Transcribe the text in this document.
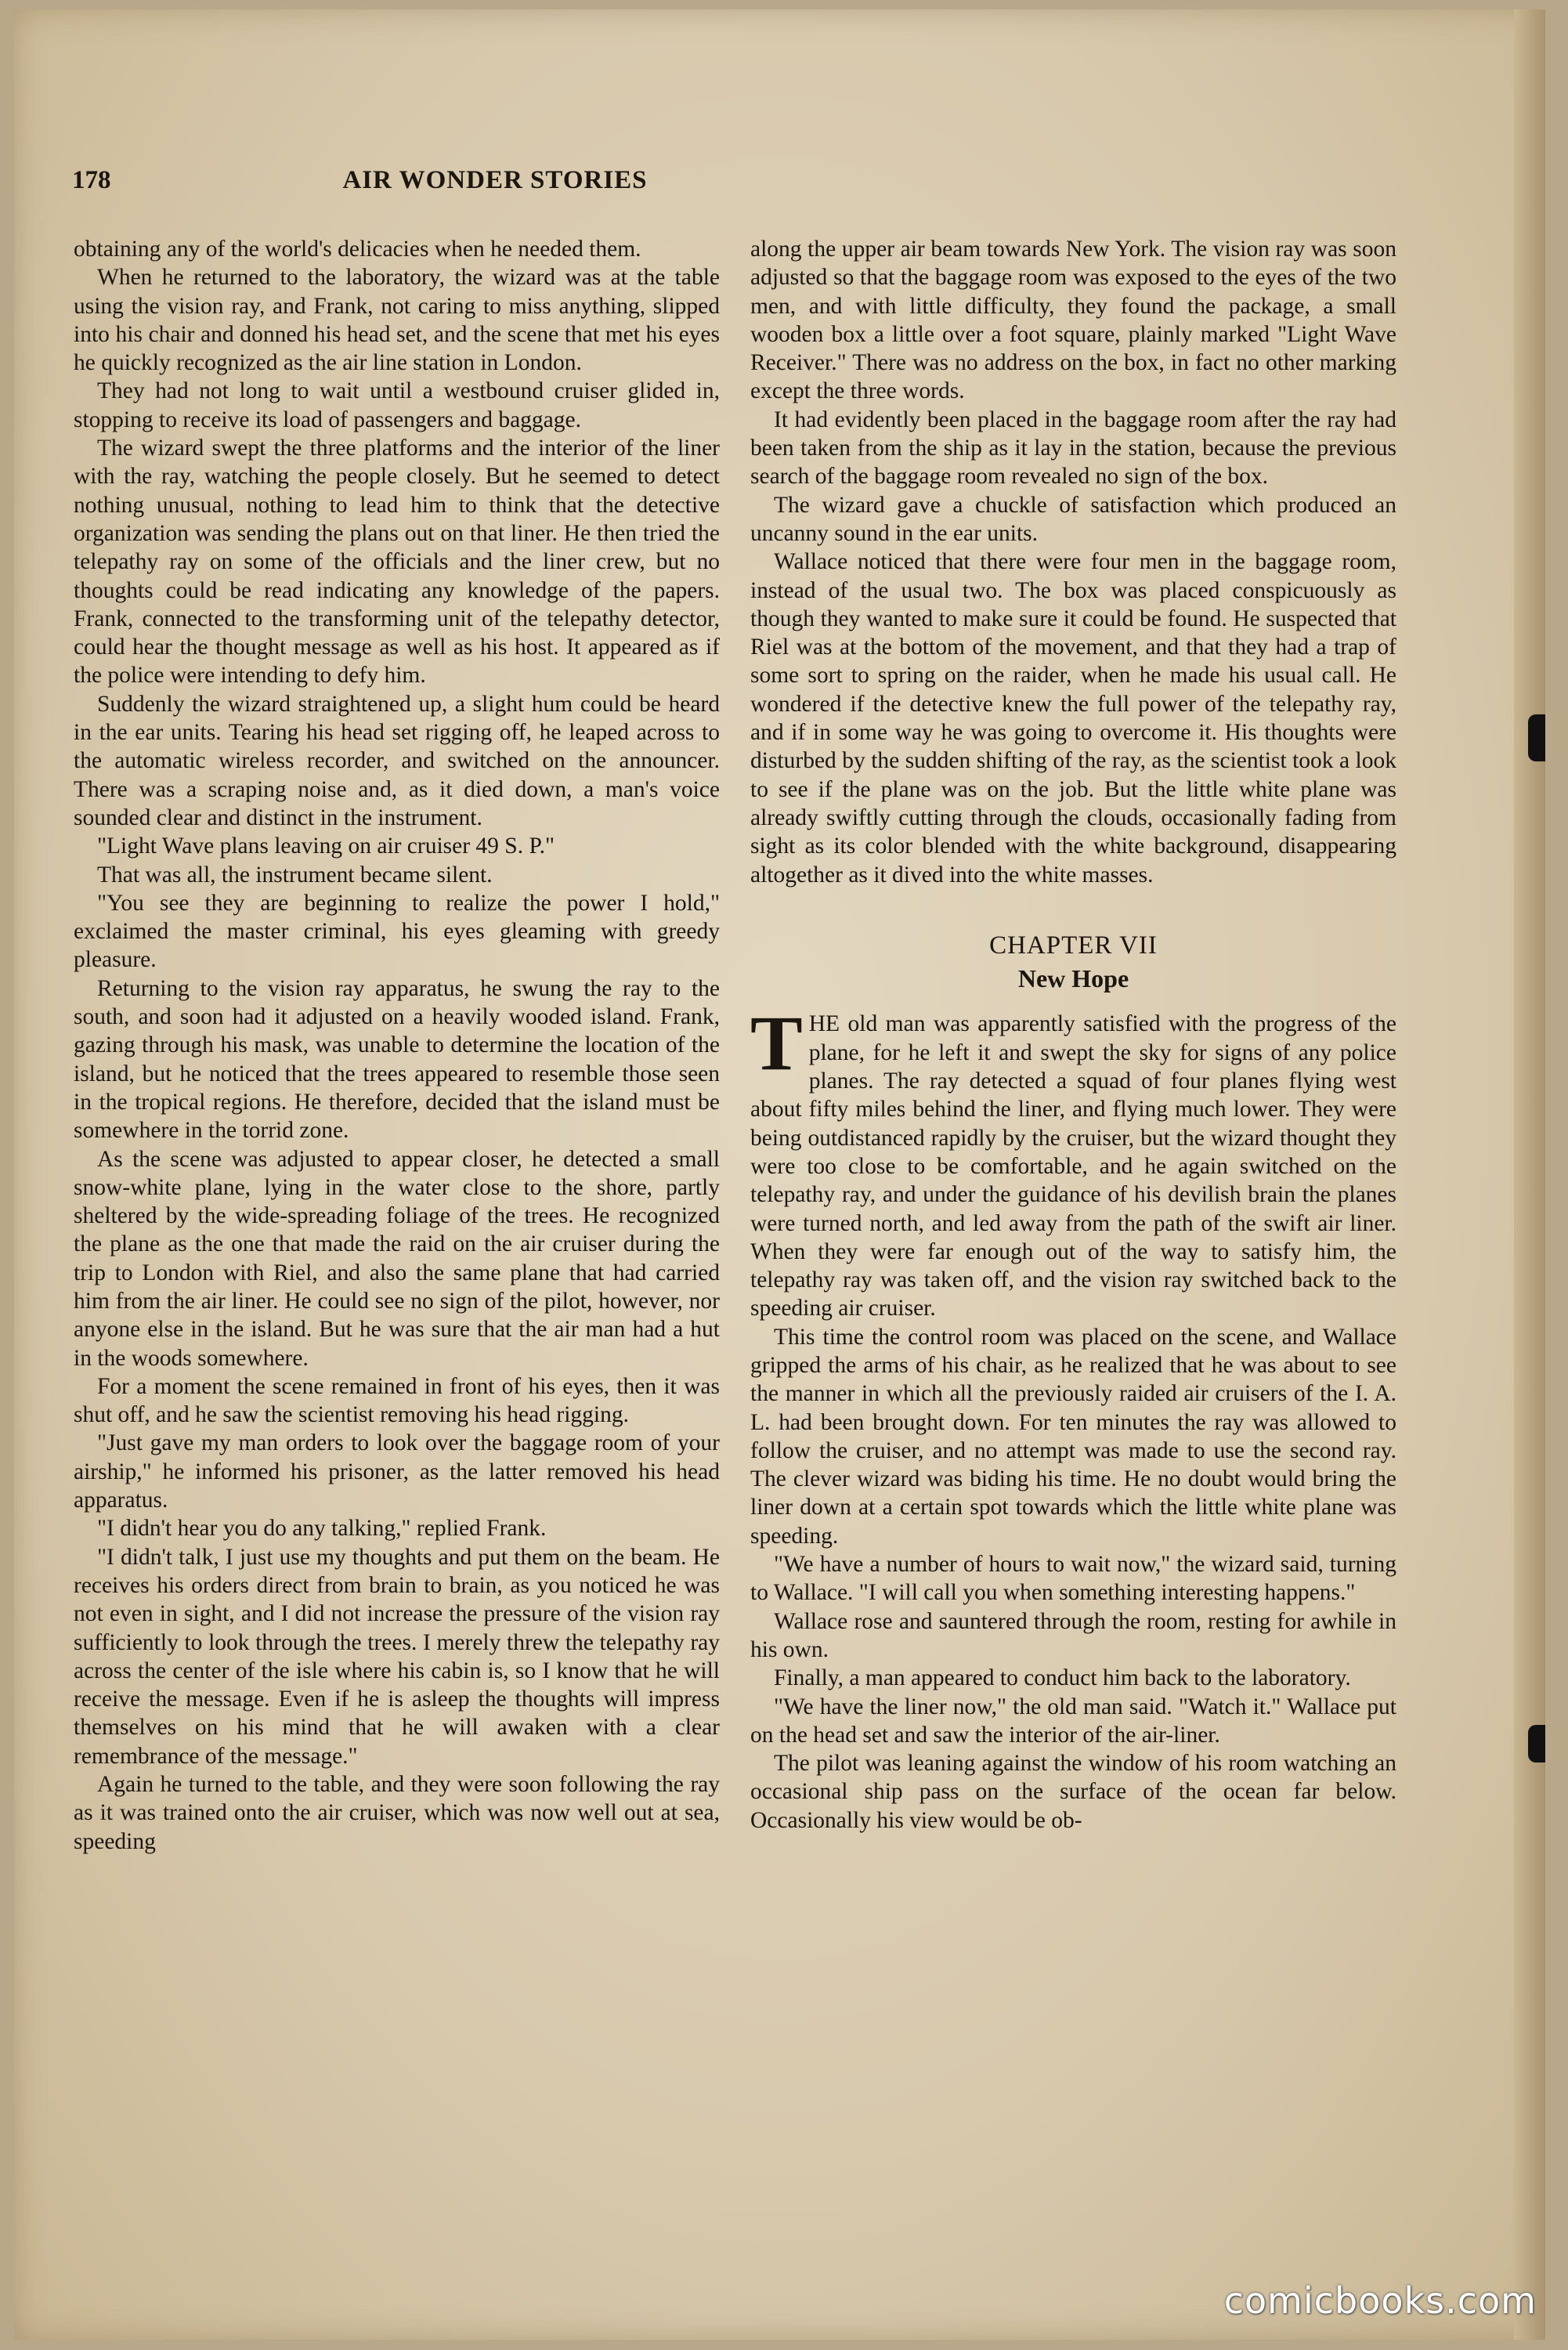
178	AIR WONDER STORIES

obtaining any of the world's delicacies when he needed them.

When he returned to the laboratory, the wizard was at the table using the vision ray, and Frank, not caring to miss anything, slipped into his chair and donned his head set, and the scene that met his eyes he quickly recognized as the air line station in London.

They had not long to wait until a westbound cruiser glided in, stopping to receive its load of passengers and baggage.

The wizard swept the three platforms and the interior of the liner with the ray, watching the people closely. But he seemed to detect nothing unusual, nothing to lead him to think that the detective organization was sending the plans out on that liner. He then tried the telepathy ray on some of the officials and the liner crew, but no thoughts could be read indicating any knowledge of the papers. Frank, connected to the transforming unit of the telepathy detector, could hear the thought message as well as his host. It appeared as if the police were intending to defy him.

Suddenly the wizard straightened up, a slight hum could be heard in the ear units. Tearing his head set rigging off, he leaped across to the automatic wireless recorder, and switched on the announcer. There was a scraping noise and, as it died down, a man's voice sounded clear and distinct in the instrument.

"Light Wave plans leaving on air cruiser 49 S. P."

That was all, the instrument became silent.

"You see they are beginning to realize the power I hold," exclaimed the master criminal, his eyes gleaming with greedy pleasure.

Returning to the vision ray apparatus, he swung the ray to the south, and soon had it adjusted on a heavily wooded island. Frank, gazing through his mask, was unable to determine the location of the island, but he noticed that the trees appeared to resemble those seen in the tropical regions. He therefore, decided that the island must be somewhere in the torrid zone.

As the scene was adjusted to appear closer, he detected a small snow-white plane, lying in the water close to the shore, partly sheltered by the wide-spreading foliage of the trees. He recognized the plane as the one that made the raid on the air cruiser during the trip to London with Riel, and also the same plane that had carried him from the air liner. He could see no sign of the pilot, however, nor anyone else in the island. But he was sure that the air man had a hut in the woods somewhere.

For a moment the scene remained in front of his eyes, then it was shut off, and he saw the scientist removing his head rigging.

"Just gave my man orders to look over the baggage room of your airship," he informed his prisoner, as the latter removed his head apparatus.

"I didn't hear you do any talking," replied Frank.

"I didn't talk, I just use my thoughts and put them on the beam. He receives his orders direct from brain to brain, as you noticed he was not even in sight, and I did not increase the pressure of the vision ray sufficiently to look through the trees. I merely threw the telepathy ray across the center of the isle where his cabin is, so I know that he will receive the message. Even if he is asleep the thoughts will impress themselves on his mind that he will awaken with a clear remembrance of the message."

Again he turned to the table, and they were soon following the ray as it was trained onto the air cruiser, which was now well out at sea, speeding

along the upper air beam towards New York. The vision ray was soon adjusted so that the baggage room was exposed to the eyes of the two men, and with little difficulty, they found the package, a small wooden box a little over a foot square, plainly marked "Light Wave Receiver." There was no address on the box, in fact no other marking except the three words.

It had evidently been placed in the baggage room after the ray had been taken from the ship as it lay in the station, because the previous search of the baggage room revealed no sign of the box.

The wizard gave a chuckle of satisfaction which produced an uncanny sound in the ear units.

Wallace noticed that there were four men in the baggage room, instead of the usual two. The box was placed conspicuously as though they wanted to make sure it could be found. He suspected that Riel was at the bottom of the movement, and that they had a trap of some sort to spring on the raider, when he made his usual call. He wondered if the detective knew the full power of the telepathy ray, and if in some way he was going to overcome it. His thoughts were disturbed by the sudden shifting of the ray, as the scientist took a look to see if the plane was on the job. But the little white plane was already swiftly cutting through the clouds, occasionally fading from sight as its color blended with the white background, disappearing altogether as it dived into the white masses.

CHAPTER VII
New Hope

THE old man was apparently satisfied with the progress of the plane, for he left it and swept the sky for signs of any police planes. The ray detected a squad of four planes flying west about fifty miles behind the liner, and flying much lower. They were being outdistanced rapidly by the cruiser, but the wizard thought they were too close to be comfortable, and he again switched on the telepathy ray, and under the guidance of his devilish brain the planes were turned north, and led away from the path of the swift air liner. When they were far enough out of the way to satisfy him, the telepathy ray was taken off, and the vision ray switched back to the speeding air cruiser.

This time the control room was placed on the scene, and Wallace gripped the arms of his chair, as he realized that he was about to see the manner in which all the previously raided air cruisers of the I. A. L. had been brought down. For ten minutes the ray was allowed to follow the cruiser, and no attempt was made to use the second ray. The clever wizard was biding his time. He no doubt would bring the liner down at a certain spot towards which the little white plane was speeding.

"We have a number of hours to wait now," the wizard said, turning to Wallace. "I will call you when something interesting happens."

Wallace rose and sauntered through the room, resting for awhile in his own.

Finally, a man appeared to conduct him back to the laboratory.

"We have the liner now," the old man said. "Watch it." Wallace put on the head set and saw the interior of the air-liner.

The pilot was leaning against the window of his room watching an occasional ship pass on the surface of the ocean far below. Occasionally his view would be ob-

comicbooks.com
